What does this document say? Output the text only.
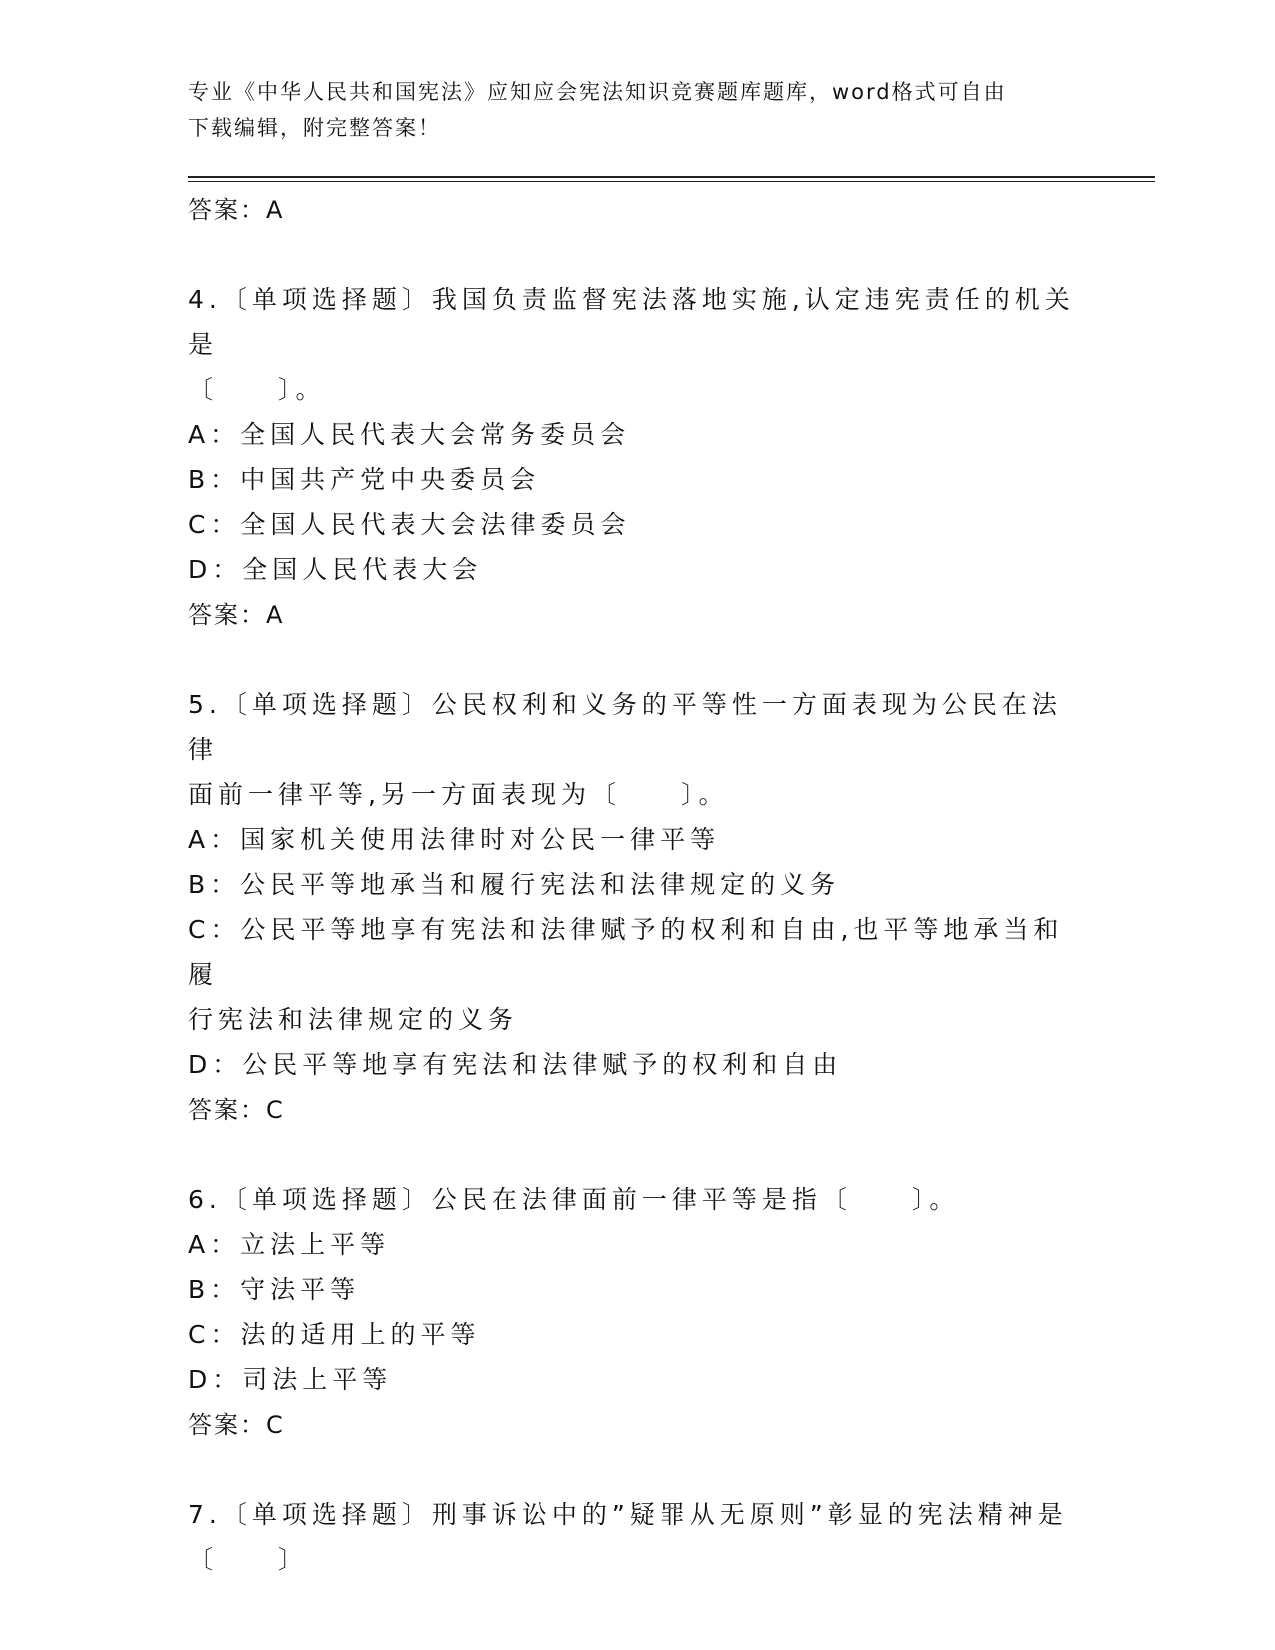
专业《中华人民共和国宪法》应知应会宪法知识竞赛题库题库，word格式可自由
下载编辑，附完整答案！
答案：A
4.〔单项选择题〕我国负责监督宪法落地实施,认定违宪责任的机关是
〔　　〕。
A：全国人民代表大会常务委员会
B：中国共产党中央委员会
C：全国人民代表大会法律委员会
D：全国人民代表大会
答案：A
5.〔单项选择题〕公民权利和义务的平等性一方面表现为公民在法律
面前一律平等,另一方面表现为〔　　〕。
A：国家机关使用法律时对公民一律平等
B：公民平等地承当和履行宪法和法律规定的义务
C：公民平等地享有宪法和法律赋予的权利和自由,也平等地承当和履
行宪法和法律规定的义务
D：公民平等地享有宪法和法律赋予的权利和自由
答案：C
6.〔单项选择题〕公民在法律面前一律平等是指〔　　〕。
A：立法上平等
B：守法平等
C：法的适用上的平等
D：司法上平等
答案：C
7.〔单项选择题〕刑事诉讼中的”疑罪从无原则”彰显的宪法精神是
〔　　〕
